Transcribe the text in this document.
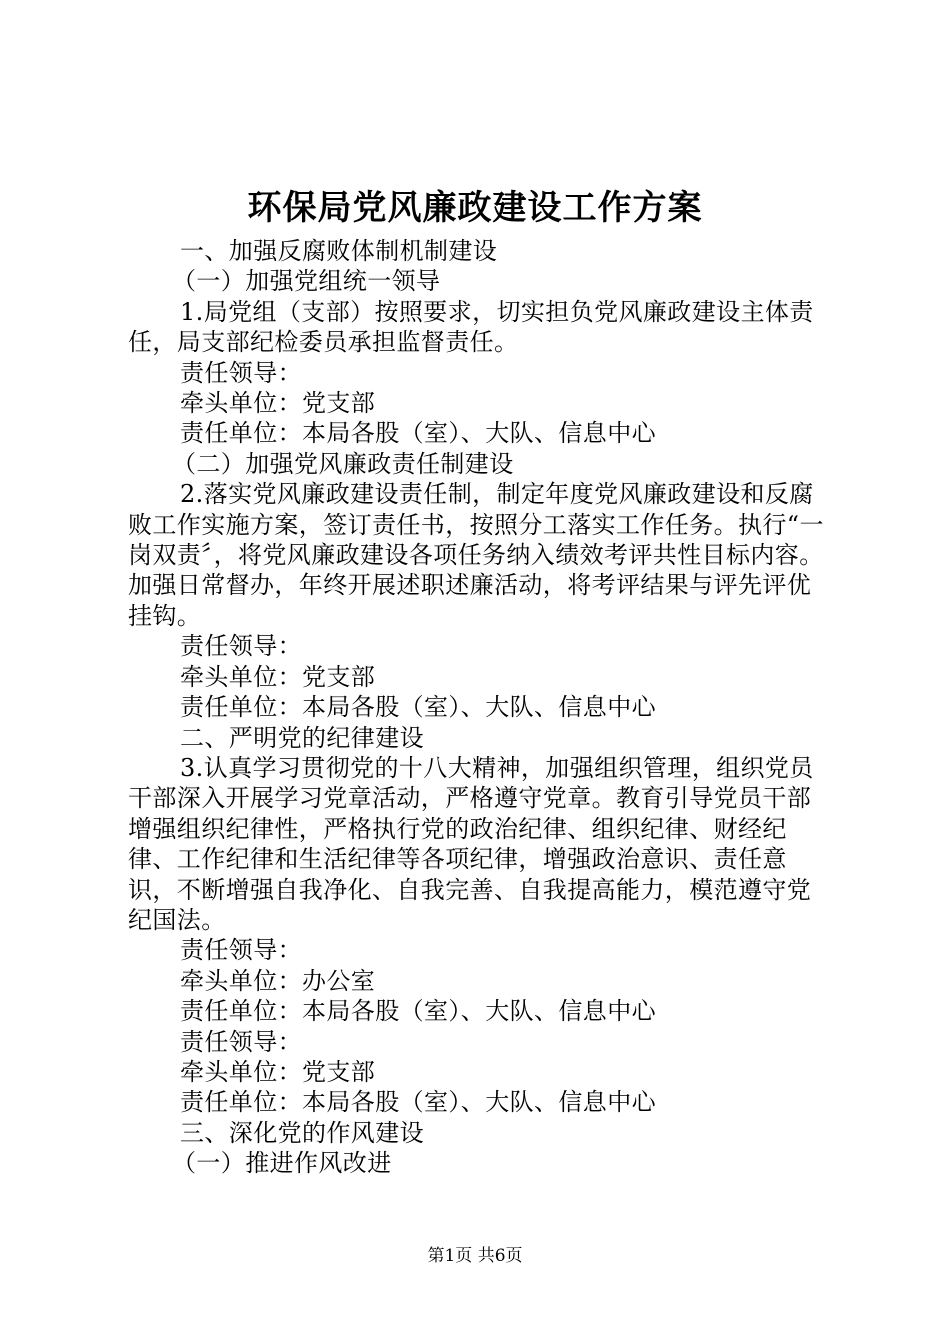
环保局党风廉政建设工作方案

一、加强反腐败体制机制建设

（一）加强党组统一领导

1.局党组（支部）按照要求，切实担负党风廉政建设主体责任，局支部纪检委员承担监督责任。

责任领导：

牵头单位：党支部

责任单位：本局各股（室）、大队、信息中心

（二）加强党风廉政责任制建设

2.落实党风廉政建设责任制，制定年度党风廉政建设和反腐败工作实施方案，签订责任书，按照分工落实工作任务。执行“一岗双责〞，将党风廉政建设各项任务纳入绩效考评共性目标内容。加强日常督办，年终开展述职述廉活动，将考评结果与评先评优挂钩。

责任领导：

牵头单位：党支部

责任单位：本局各股（室）、大队、信息中心

二、严明党的纪律建设

3.认真学习贯彻党的十八大精神，加强组织管理，组织党员干部深入开展学习党章活动，严格遵守党章。教育引导党员干部增强组织纪律性，严格执行党的政治纪律、组织纪律、财经纪律、工作纪律和生活纪律等各项纪律，增强政治意识、责任意识，不断增强自我净化、自我完善、自我提高能力，模范遵守党纪国法。

责任领导：

牵头单位：办公室

责任单位：本局各股（室）、大队、信息中心

责任领导：

牵头单位：党支部

责任单位：本局各股（室）、大队、信息中心

三、深化党的作风建设

（一）推进作风改进

第1页 共6页
